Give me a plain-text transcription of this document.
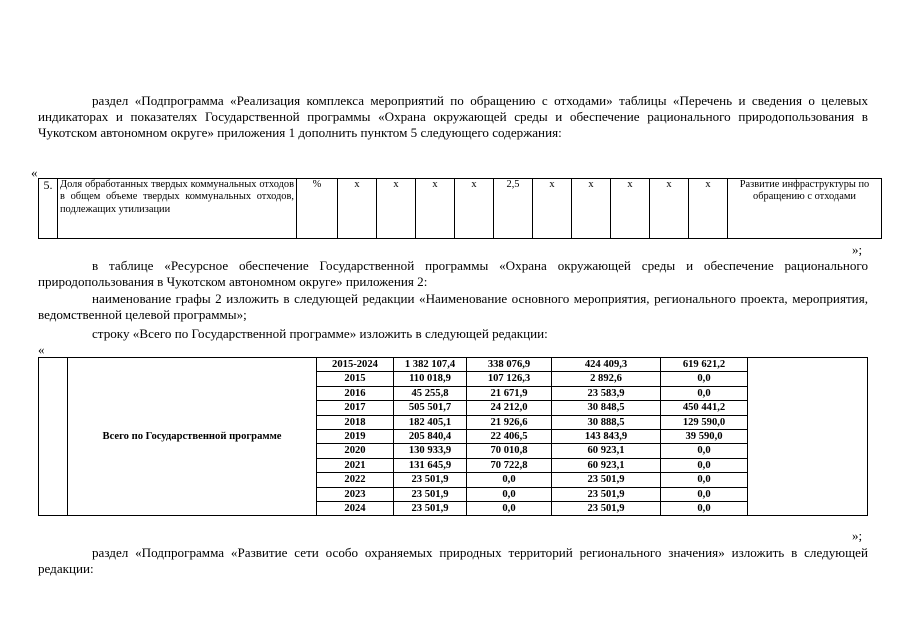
раздел «Подпрограмма «Реализация комплекса мероприятий по обращению с отходами» таблицы «Перечень и сведения о целевых индикаторах и показателях Государственной программы «Охрана окружающей среды и обеспечение рационального природопользования в Чукотском автономном округе» приложения 1 дополнить пунктом 5 следующего содержания:

«
5.	Доля обработанных твердых коммунальных отходов в общем объеме твердых коммунальных отходов, подлежащих утилизации	%	х	х	х	х	2,5	х	х	х	х	х	Развитие инфраструктуры по обращению с отходами
»;

в таблице «Ресурсное обеспечение Государственной программы «Охрана окружающей среды и обеспечение рационального природопользования в Чукотском автономном округе» приложения 2:

наименование графы 2 изложить в следующей редакции «Наименование основного мероприятия, регионального проекта, мероприятия, ведомственной целевой программы»;

строку «Всего по Государственной программе» изложить в следующей редакции:

«
	Всего по Государственной программе	2015-2024	1 382 107,4	338 076,9	424 409,3	619 621,2	
		2015	110 018,9	107 126,3	2 892,6	0,0	
		2016	45 255,8	21 671,9	23 583,9	0,0	
		2017	505 501,7	24 212,0	30 848,5	450 441,2	
		2018	182 405,1	21 926,6	30 888,5	129 590,0	
		2019	205 840,4	22 406,5	143 843,9	39 590,0	
		2020	130 933,9	70 010,8	60 923,1	0,0	
		2021	131 645,9	70 722,8	60 923,1	0,0	
		2022	23 501,9	0,0	23 501,9	0,0	
		2023	23 501,9	0,0	23 501,9	0,0	
		2024	23 501,9	0,0	23 501,9	0,0	
»;

раздел «Подпрограмма «Развитие сети особо охраняемых природных территорий регионального значения» изложить в следующей редакции:
